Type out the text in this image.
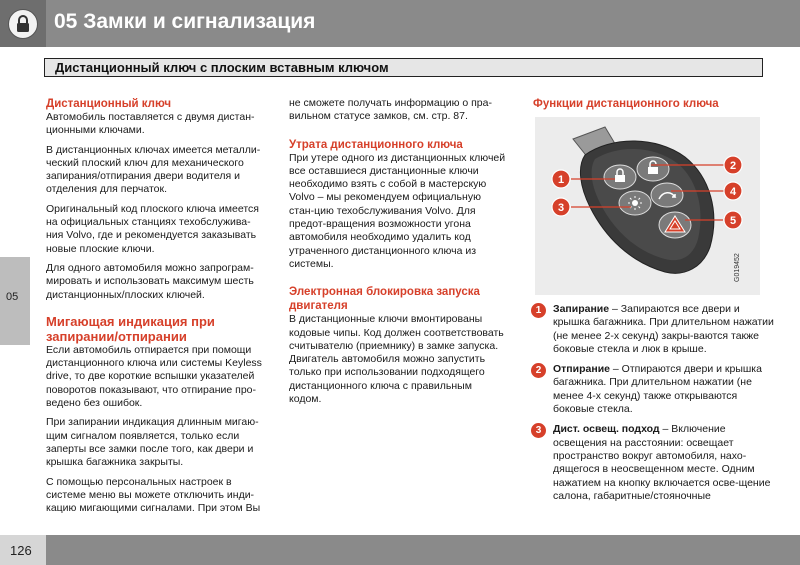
05 Замки и сигнализация
Дистанционный ключ с плоским вставным ключом
05
Дистанционный ключ

Автомобиль поставляется с двумя дистан-ционными ключами.

В дистанционных ключах имеется металли-ческий плоский ключ для механического запирания/отпирания двери водителя и отделения для перчаток.

Оригинальный код плоского ключа имеется на официальных станциях техобслужива-ния Volvo, где и рекомендуется заказывать новые плоские ключи.

Для одного автомобиля можно запрограм-мировать и использовать максимум шесть дистанционных/плоских ключей.

Мигающая индикация при запирании/отпирании

Если автомобиль отпирается при помощи дистанционного ключа или системы Keyless drive, то две короткие вспышки указателей поворотов показывают, что отпирание про-ведено без ошибок.

При запирании индикация длинным мигаю-щим сигналом появляется, только если заперты все замки после того, как двери и крышка багажника закрыты.

С помощью персональных настроек в системе меню вы можете отключить инди-кацию мигающими сигналами. При этом Вы

не сможете получать информацию о пра-вильном статусе замков, см. стр. 87.

Утрата дистанционного ключа

При утере одного из дистанционных ключей все оставшиеся дистанционные ключи необходимо взять с собой в мастерскую Volvo – мы рекомендуем официальную стан-цию техобслуживания Volvo. Для предот-вращения возможности угона автомобиля необходимо удалить код утраченного дистанционного ключа из системы.

Электронная блокировка запуска двигателя

В дистанционные ключи вмонтированы кодовые чипы. Код должен соответствовать считывателю (приемнику) в замке запуска. Двигатель автомобиля можно запустить только при использовании подходящего дистанционного ключа с правильным кодом.

Функции дистанционного ключа
1
2
3
4
5
G019452
1	Запирание – Запираются все двери и крышка багажника. При длительном нажатии (не менее 2-х секунд) закры-ваются также боковые стекла и люк в крыше.
2	Отпирание – Отпираются двери и крышка багажника. При длительном нажатии (не менее 4-х секунд) также открываются боковые стекла.
3	Дист. освещ. подход – Включение освещения на расстоянии: освещает пространство вокруг автомобиля, нахо-дящегося в неосвещенном месте. Одним нажатием на кнопку включается осве-щение салона, габаритные/стояночные
126
